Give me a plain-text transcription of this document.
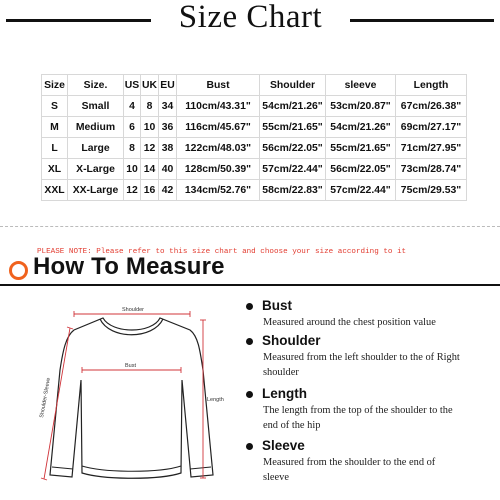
Size Chart
Size	Size.	US	UK	EU	Bust	Shoulder	sleeve	Length
S	Small	4	8	34	110cm/43.31"	54cm/21.26"	53cm/20.87"	67cm/26.38"
M	Medium	6	10	36	116cm/45.67"	55cm/21.65"	54cm/21.26"	69cm/27.17"
L	Large	8	12	38	122cm/48.03"	56cm/22.05"	55cm/21.65"	71cm/27.95"
XL	X-Large	10	14	40	128cm/50.39"	57cm/22.44"	56cm/22.05"	73cm/28.74"
XXL	XX-Large	12	16	42	134cm/52.76"	58cm/22.83"	57cm/22.44"	75cm/29.53"
PLEASE NOTE: Please refer to this size chart and choose your size according to it
How To Measure
Shoulder
Bust
Length
Shoulder-Sleeve
Bust
Measured around the chest position value
Shoulder
Measured from the left shoulder to the of Right shoulder
Length
The length from the top of the shoulder to the end of the hip
Sleeve
Measured from the shoulder to the end of sleeve
